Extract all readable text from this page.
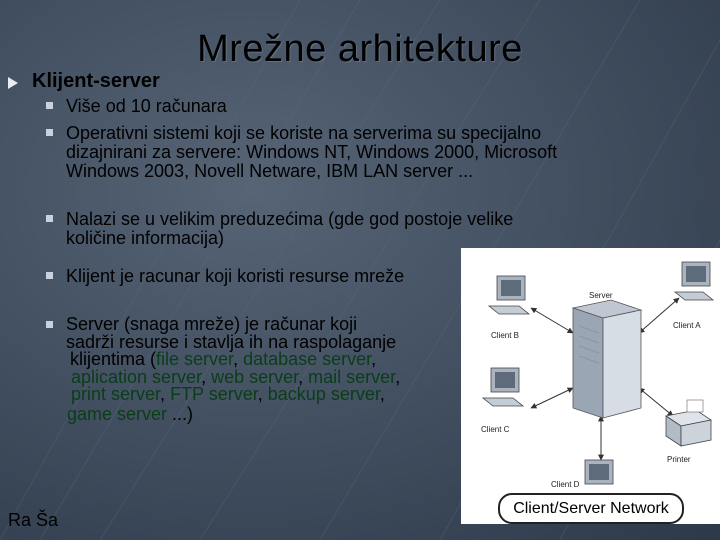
Mrežne arhitekture
Klijent-server
Više od 10 računara
Operativni sistemi koji se koriste na serverima su specijalno
dizajnirani za servere: Windows NT, Windows 2000, Microsoft
Windows 2003, Novell Netware, IBM LAN server ...
Nalazi se u velikim preduzećima (gde god postoje velike
količine informacija)
Klijent je racunar koji koristi resurse mreže
Server (snaga mreže) je računar koji
sadrži resurse i stavlja ih na raspolaganje
klijentima (file server, database server,
aplication server, web server, mail server,
print server, FTP server, backup server,
game server ...)
Ra Ša
Server
Client B
Client A
Client C
Printer
Client D
Client/Server Network
